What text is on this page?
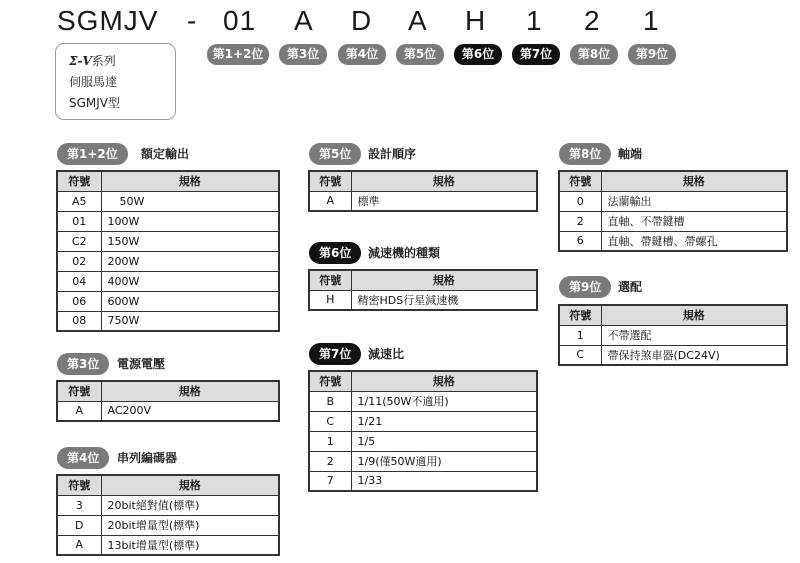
SGMJV - 01 A D A H 1 2 1
第1+2位	第3位	第4位	第5位	第6位	第7位	第8位	第9位
Σ-V系列
伺服馬達
SGMJV型
第1+2位	額定輸出
符號	規格
A5	50W
01	100W
C2	150W
02	200W
04	400W
06	600W
08	750W
第3位	電源電壓
符號	規格
A	AC200V
第4位	串列編碼器
符號	規格
3	20bit絕對值(標準)
D	20bit增量型(標準)
A	13bit增量型(標準)
第5位	設計順序
符號	規格
A	標準
第6位	減速機的種類
符號	規格
H	精密HDS行星減速機
第7位	減速比
符號	規格
B	1/11(50W不適用)
C	1/21
1	1/5
2	1/9(僅50W適用)
7	1/33
第8位	軸端
符號	規格
0	法蘭輸出
2	直軸、不帶鍵槽
6	直軸、帶鍵槽、帶螺孔
第9位	選配
符號	規格
1	不帶選配
C	帶保持煞車器(DC24V)
